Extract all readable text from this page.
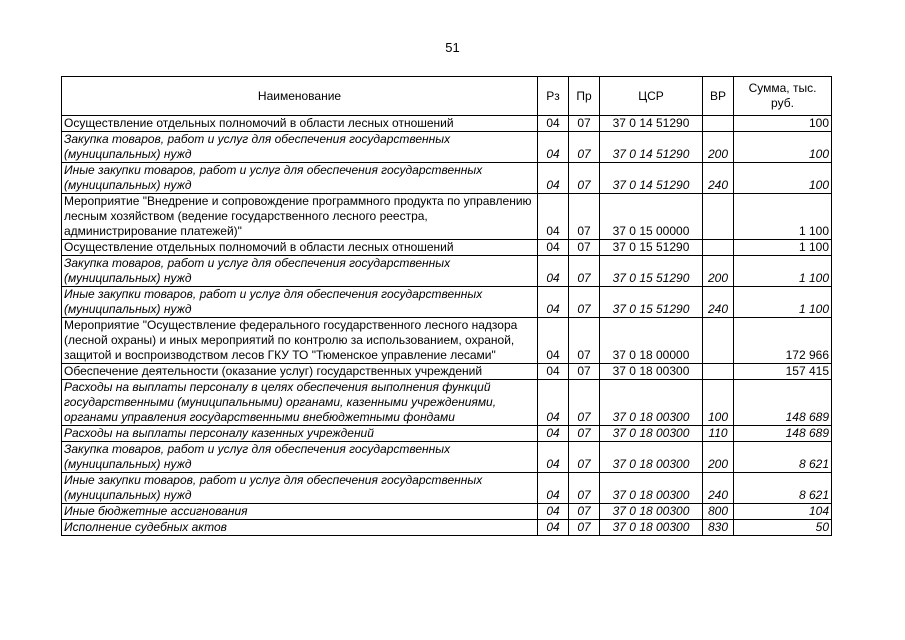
51
Наименование	Рз	Пр	ЦСР	ВР	Сумма, тыс. руб.
Осуществление отдельных полномочий в области лесных отношений	04	07	37 0 14 51290		100
Закупка товаров, работ и услуг для обеспечения государственных (муниципальных) нужд	04	07	37 0 14 51290	200	100
Иные закупки товаров, работ и услуг для обеспечения государственных (муниципальных) нужд	04	07	37 0 14 51290	240	100
Мероприятие "Внедрение и сопровождение программного продукта по управлению лесным хозяйством (ведение государственного лесного реестра, администрирование платежей)"	04	07	37 0 15 00000		1 100
Осуществление отдельных полномочий в области лесных отношений	04	07	37 0 15 51290		1 100
Закупка товаров, работ и услуг для обеспечения государственных (муниципальных) нужд	04	07	37 0 15 51290	200	1 100
Иные закупки товаров, работ и услуг для обеспечения государственных (муниципальных) нужд	04	07	37 0 15 51290	240	1 100
Мероприятие "Осуществление федерального государственного лесного надзора (лесной охраны) и иных мероприятий по контролю за использованием, охраной, защитой и воспроизводством лесов ГКУ ТО "Тюменское управление лесами"	04	07	37 0 18 00000		172 966
Обеспечение деятельности (оказание услуг) государственных учреждений	04	07	37 0 18 00300		157 415
Расходы на выплаты персоналу в целях обеспечения выполнения функций государственными (муниципальными) органами, казенными учреждениями, органами управления государственными внебюджетными фондами	04	07	37 0 18 00300	100	148 689
Расходы на выплаты персоналу казенных учреждений	04	07	37 0 18 00300	110	148 689
Закупка товаров, работ и услуг для обеспечения государственных (муниципальных) нужд	04	07	37 0 18 00300	200	8 621
Иные закупки товаров, работ и услуг для обеспечения государственных (муниципальных) нужд	04	07	37 0 18 00300	240	8 621
Иные бюджетные ассигнования	04	07	37 0 18 00300	800	104
Исполнение судебных актов	04	07	37 0 18 00300	830	50
